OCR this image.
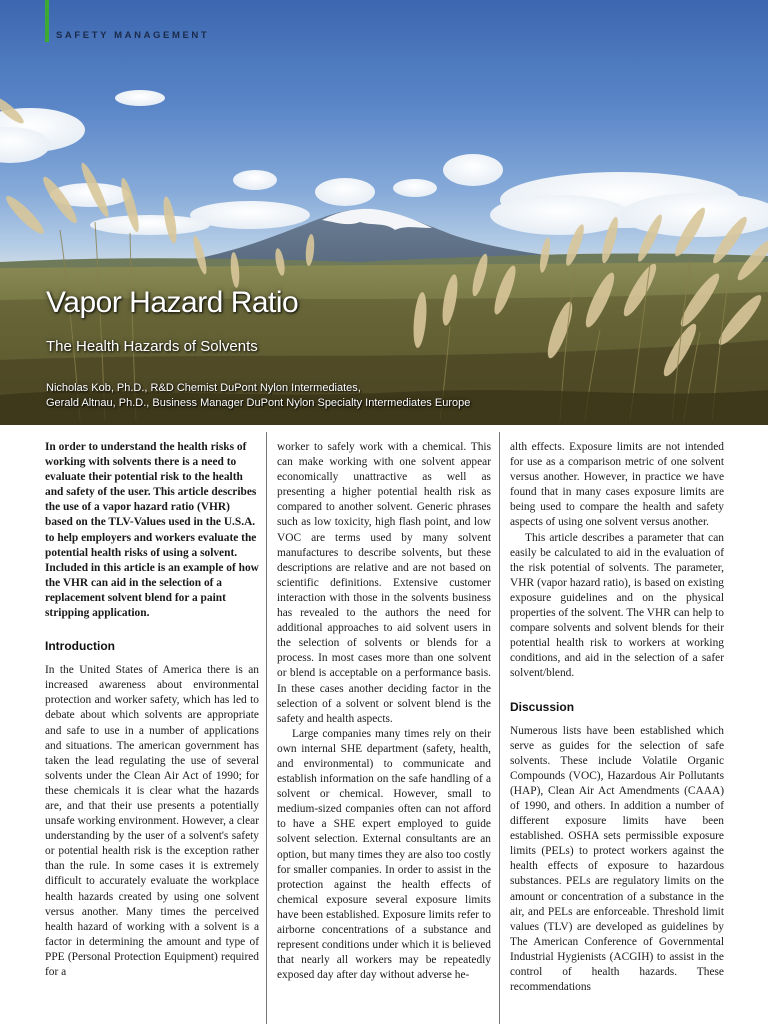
SAFETY MANAGEMENT
Vapor Hazard Ratio
The Health Hazards of Solvents
Nicholas Kob, Ph.D., R&D Chemist DuPont Nylon Intermediates,
Gerald Altnau, Ph.D., Business Manager DuPont Nylon Specialty Intermediates Europe

In order to understand the health risks of working with solvents there is a need to evaluate their potential risk to the health and safety of the user. This article describes the use of a vapor hazard ratio (VHR) based on the TLV-Values used in the U.S.A. to help employers and workers evaluate the potential health risks of using a solvent. Included in this article is an example of how the VHR can aid in the selection of a replacement solvent blend for a paint stripping application.

Introduction

In the United States of America there is an increased awareness about environmental protection and worker safety, which has led to debate about which solvents are appropriate and safe to use in a number of applications and situations. The american government has taken the lead regulating the use of several solvents under the Clean Air Act of 1990; for these chemicals it is clear what the hazards are, and that their use presents a potentially unsafe working environment. However, a clear understanding by the user of a solvent's safety or potential health risk is the exception rather than the rule. In some cases it is extremely difficult to accurately evaluate the workplace health hazards created by using one solvent versus another. Many times the perceived health hazard of working with a solvent is a factor in determining the amount and type of PPE (Personal Protection Equipment) required for a

worker to safely work with a chemical. This can make working with one solvent appear economically unattractive as well as presenting a higher potential health risk as compared to another solvent. Generic phrases such as low toxicity, high flash point, and low VOC are terms used by many solvent manufactures to describe solvents, but these descriptions are relative and are not based on scientific definitions. Extensive customer interaction with those in the solvents business has revealed to the authors the need for additional approaches to aid solvent users in the selection of solvents or blends for a process. In most cases more than one solvent or blend is acceptable on a performance basis. In these cases another deciding factor in the selection of a solvent or solvent blend is the safety and health aspects.

Large companies many times rely on their own internal SHE department (safety, health, and environmental) to communicate and establish information on the safe handling of a solvent or chemical. However, small to medium-sized companies often can not afford to have a SHE expert employed to guide solvent selection. External consultants are an option, but many times they are also too costly for smaller companies. In order to assist in the protection against the health effects of chemical exposure several exposure limits have been established. Exposure limits refer to airborne concentrations of a substance and represent conditions under which it is believed that nearly all workers may be repeatedly exposed day after day without adverse he-

alth effects. Exposure limits are not intended for use as a comparison metric of one solvent versus another. However, in practice we have found that in many cases exposure limits are being used to compare the health and safety aspects of using one solvent versus another.

This article describes a parameter that can easily be calculated to aid in the evaluation of the risk potential of solvents. The parameter, VHR (vapor hazard ratio), is based on existing exposure guidelines and on the physical properties of the solvent. The VHR can help to compare solvents and solvent blends for their potential health risk to workers at working conditions, and aid in the selection of a safer solvent/blend.

Discussion

Numerous lists have been established which serve as guides for the selection of safe solvents. These include Volatile Organic Compounds (VOC), Hazardous Air Pollutants (HAP), Clean Air Act Amendments (CAAA) of 1990, and others. In addition a number of different exposure limits have been established. OSHA sets permissible exposure limits (PELs) to protect workers against the health effects of exposure to hazardous substances. PELs are regulatory limits on the amount or concentration of a substance in the air, and PELs are enforceable. Threshold limit values (TLV) are developed as guidelines by The American Conference of Governmental Industrial Hygienists (ACGIH) to assist in the control of health hazards. These recommendations
